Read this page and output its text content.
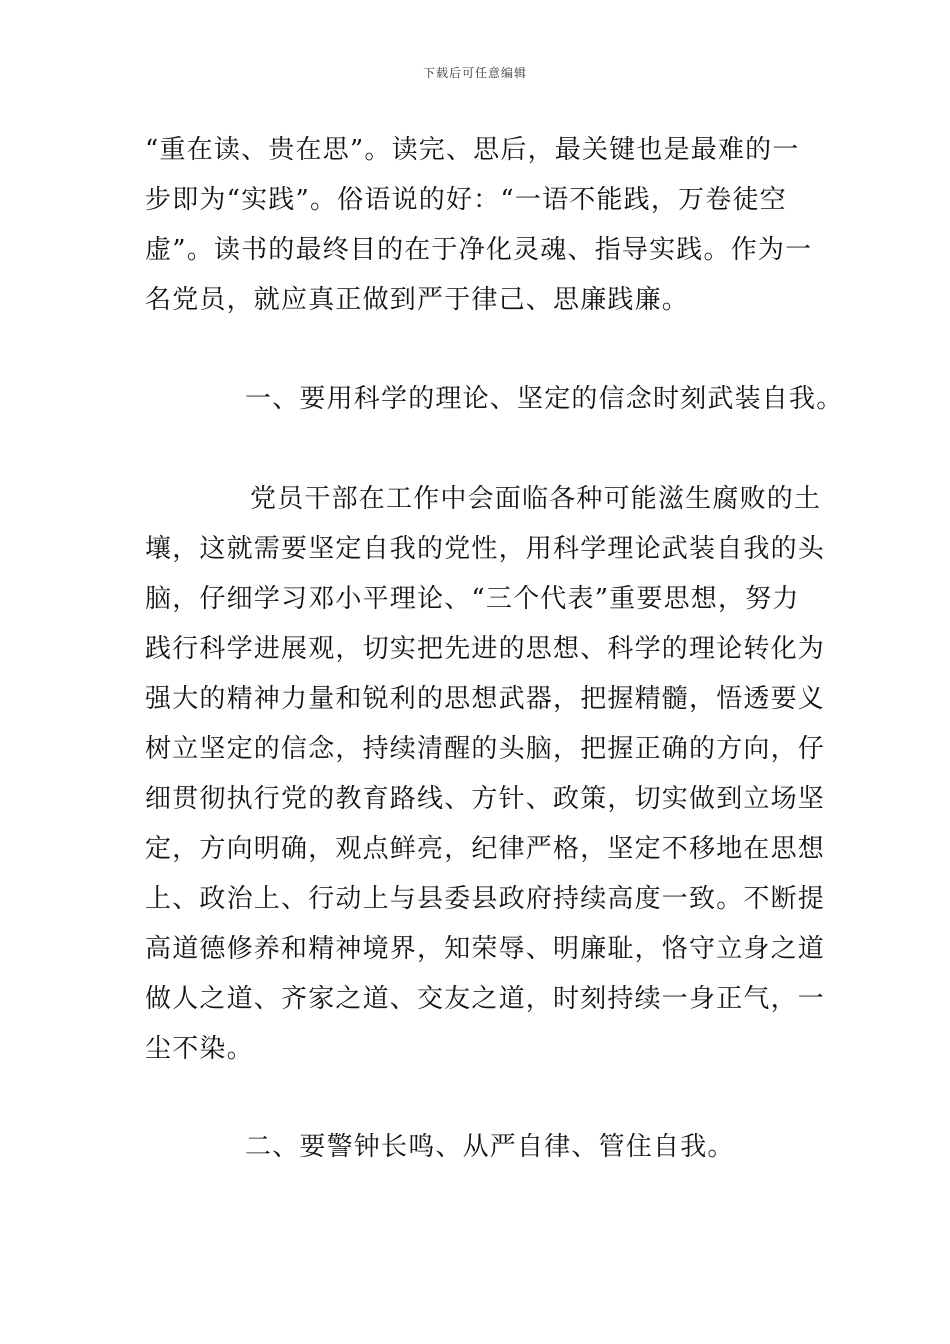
下载后可任意编辑
“重在读、贵在思”。读完、思后，最关键也是最难的一
步即为“实践”。俗语说的好：“一语不能践，万卷徒空
虚”。读书的最终目的在于净化灵魂、指导实践。作为一
名党员，就应真正做到严于律己、思廉践廉。
一、要用科学的理论、坚定的信念时刻武装自我。
党员干部在工作中会面临各种可能滋生腐败的土
壤，这就需要坚定自我的党性，用科学理论武装自我的头
脑，仔细学习邓小平理论、“三个代表”重要思想，努力
践行科学进展观，切实把先进的思想、科学的理论转化为
强大的精神力量和锐利的思想武器，把握精髓，悟透要义
树立坚定的信念，持续清醒的头脑，把握正确的方向，仔
细贯彻执行党的教育路线、方针、政策，切实做到立场坚
定，方向明确，观点鲜亮，纪律严格，坚定不移地在思想
上、政治上、行动上与县委县政府持续高度一致。不断提
高道德修养和精神境界，知荣辱、明廉耻，恪守立身之道
做人之道、齐家之道、交友之道，时刻持续一身正气，一
尘不染。
二、要警钟长鸣、从严自律、管住自我。
